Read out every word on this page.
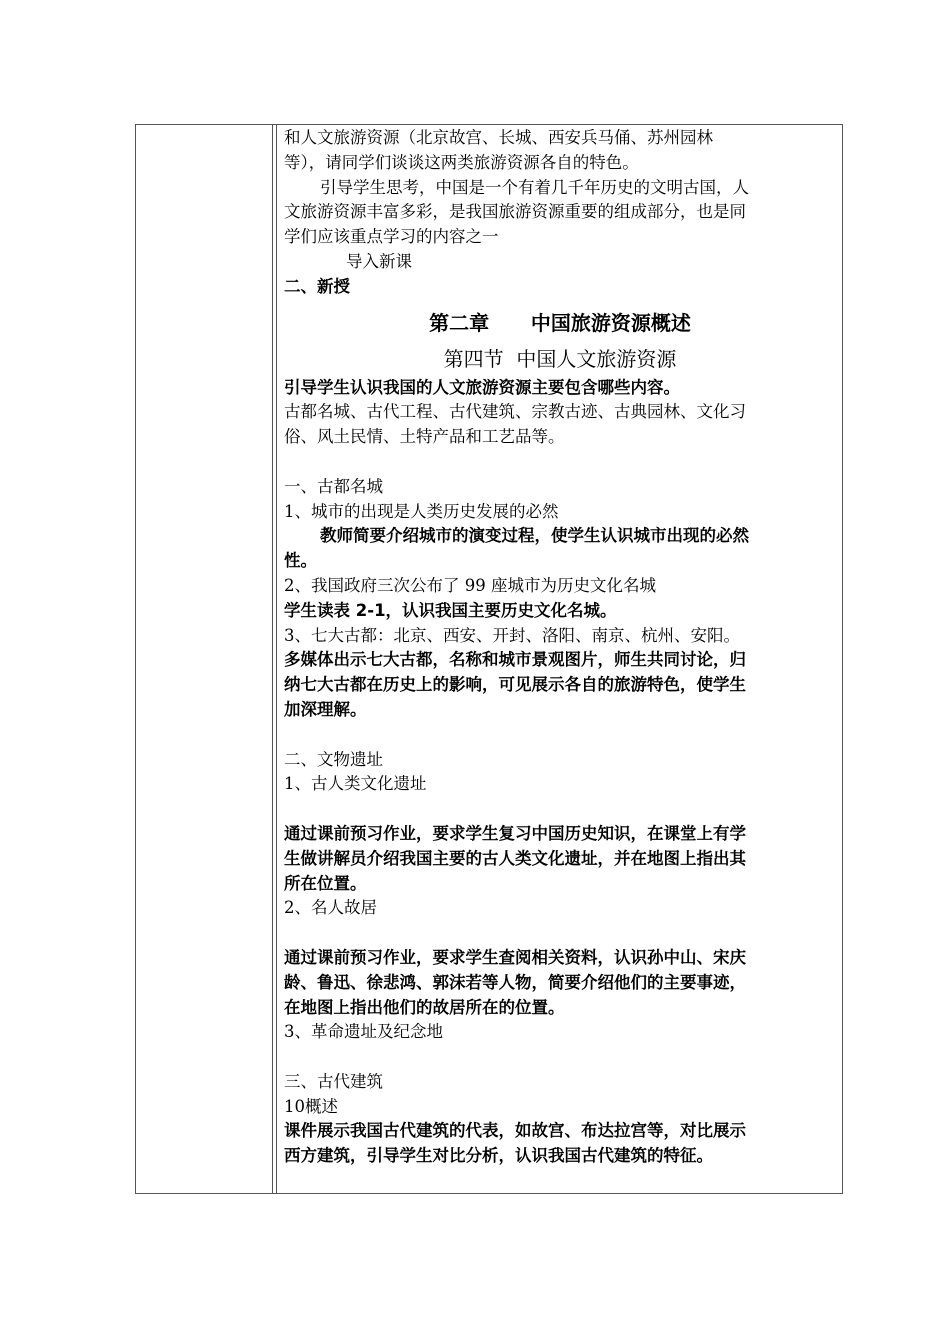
和人文旅游资源（北京故宫、长城、西安兵马俑、苏州园林
等），请同学们谈谈这两类旅游资源各自的特色。
引导学生思考，中国是一个有着几千年历史的文明古国，人
文旅游资源丰富多彩，是我国旅游资源重要的组成部分，也是同
学们应该重点学习的内容之一
导入新课
二、新授
第二章      中国旅游资源概述
第四节  中国人文旅游资源
引导学生认识我国的人文旅游资源主要包含哪些内容。
古都名城、古代工程、古代建筑、宗教古迹、古典园林、文化习
俗、风土民情、土特产品和工艺品等。
一、古都名城
1、城市的出现是人类历史发展的必然
教师简要介绍城市的演变过程，使学生认识城市出现的必然
性。
2、我国政府三次公布了 99 座城市为历史文化名城
学生读表 2-1，认识我国主要历史文化名城。
3、七大古都：北京、西安、开封、洛阳、南京、杭州、安阳。
多媒体出示七大古都，名称和城市景观图片，师生共同讨论，归
纳七大古都在历史上的影响，可见展示各自的旅游特色，使学生
加深理解。
二、文物遗址
1、古人类文化遗址
通过课前预习作业，要求学生复习中国历史知识，在课堂上有学
生做讲解员介绍我国主要的古人类文化遗址，并在地图上指出其
所在位置。
2、名人故居
通过课前预习作业，要求学生查阅相关资料，认识孙中山、宋庆
龄、鲁迅、徐悲鸿、郭沫若等人物，简要介绍他们的主要事迹，
在地图上指出他们的故居所在的位置。
3、革命遗址及纪念地
三、古代建筑
10概述
课件展示我国古代建筑的代表，如故宫、布达拉宫等，对比展示
西方建筑，引导学生对比分析，认识我国古代建筑的特征。
